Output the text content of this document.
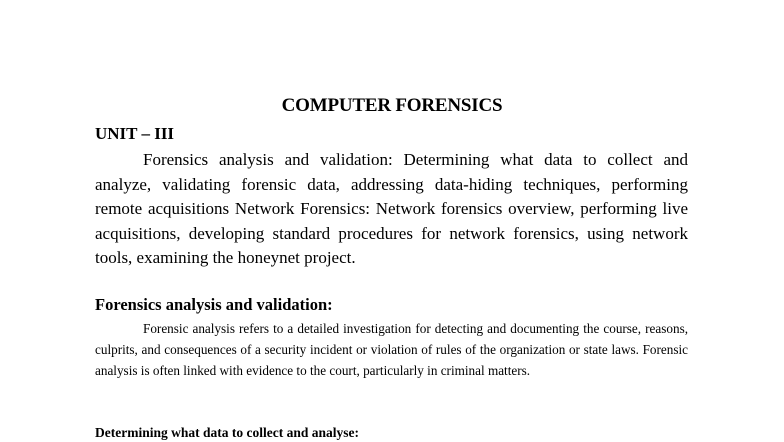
COMPUTER FORENSICS
UNIT – III

Forensics analysis and validation: Determining what data to collect and analyze, validating forensic data, addressing data-hiding techniques, performing remote acquisitions Network Forensics: Network forensics overview, performing live acquisitions, developing standard procedures for network forensics, using network tools, examining the honeynet project.

Forensics analysis and validation:

Forensic analysis refers to a detailed investigation for detecting and documenting the course, reasons, culprits, and consequences of a security incident or violation of rules of the organization or state laws. Forensic analysis is often linked with evidence to the court, particularly in criminal matters.

Determining what data to collect and analyse:
